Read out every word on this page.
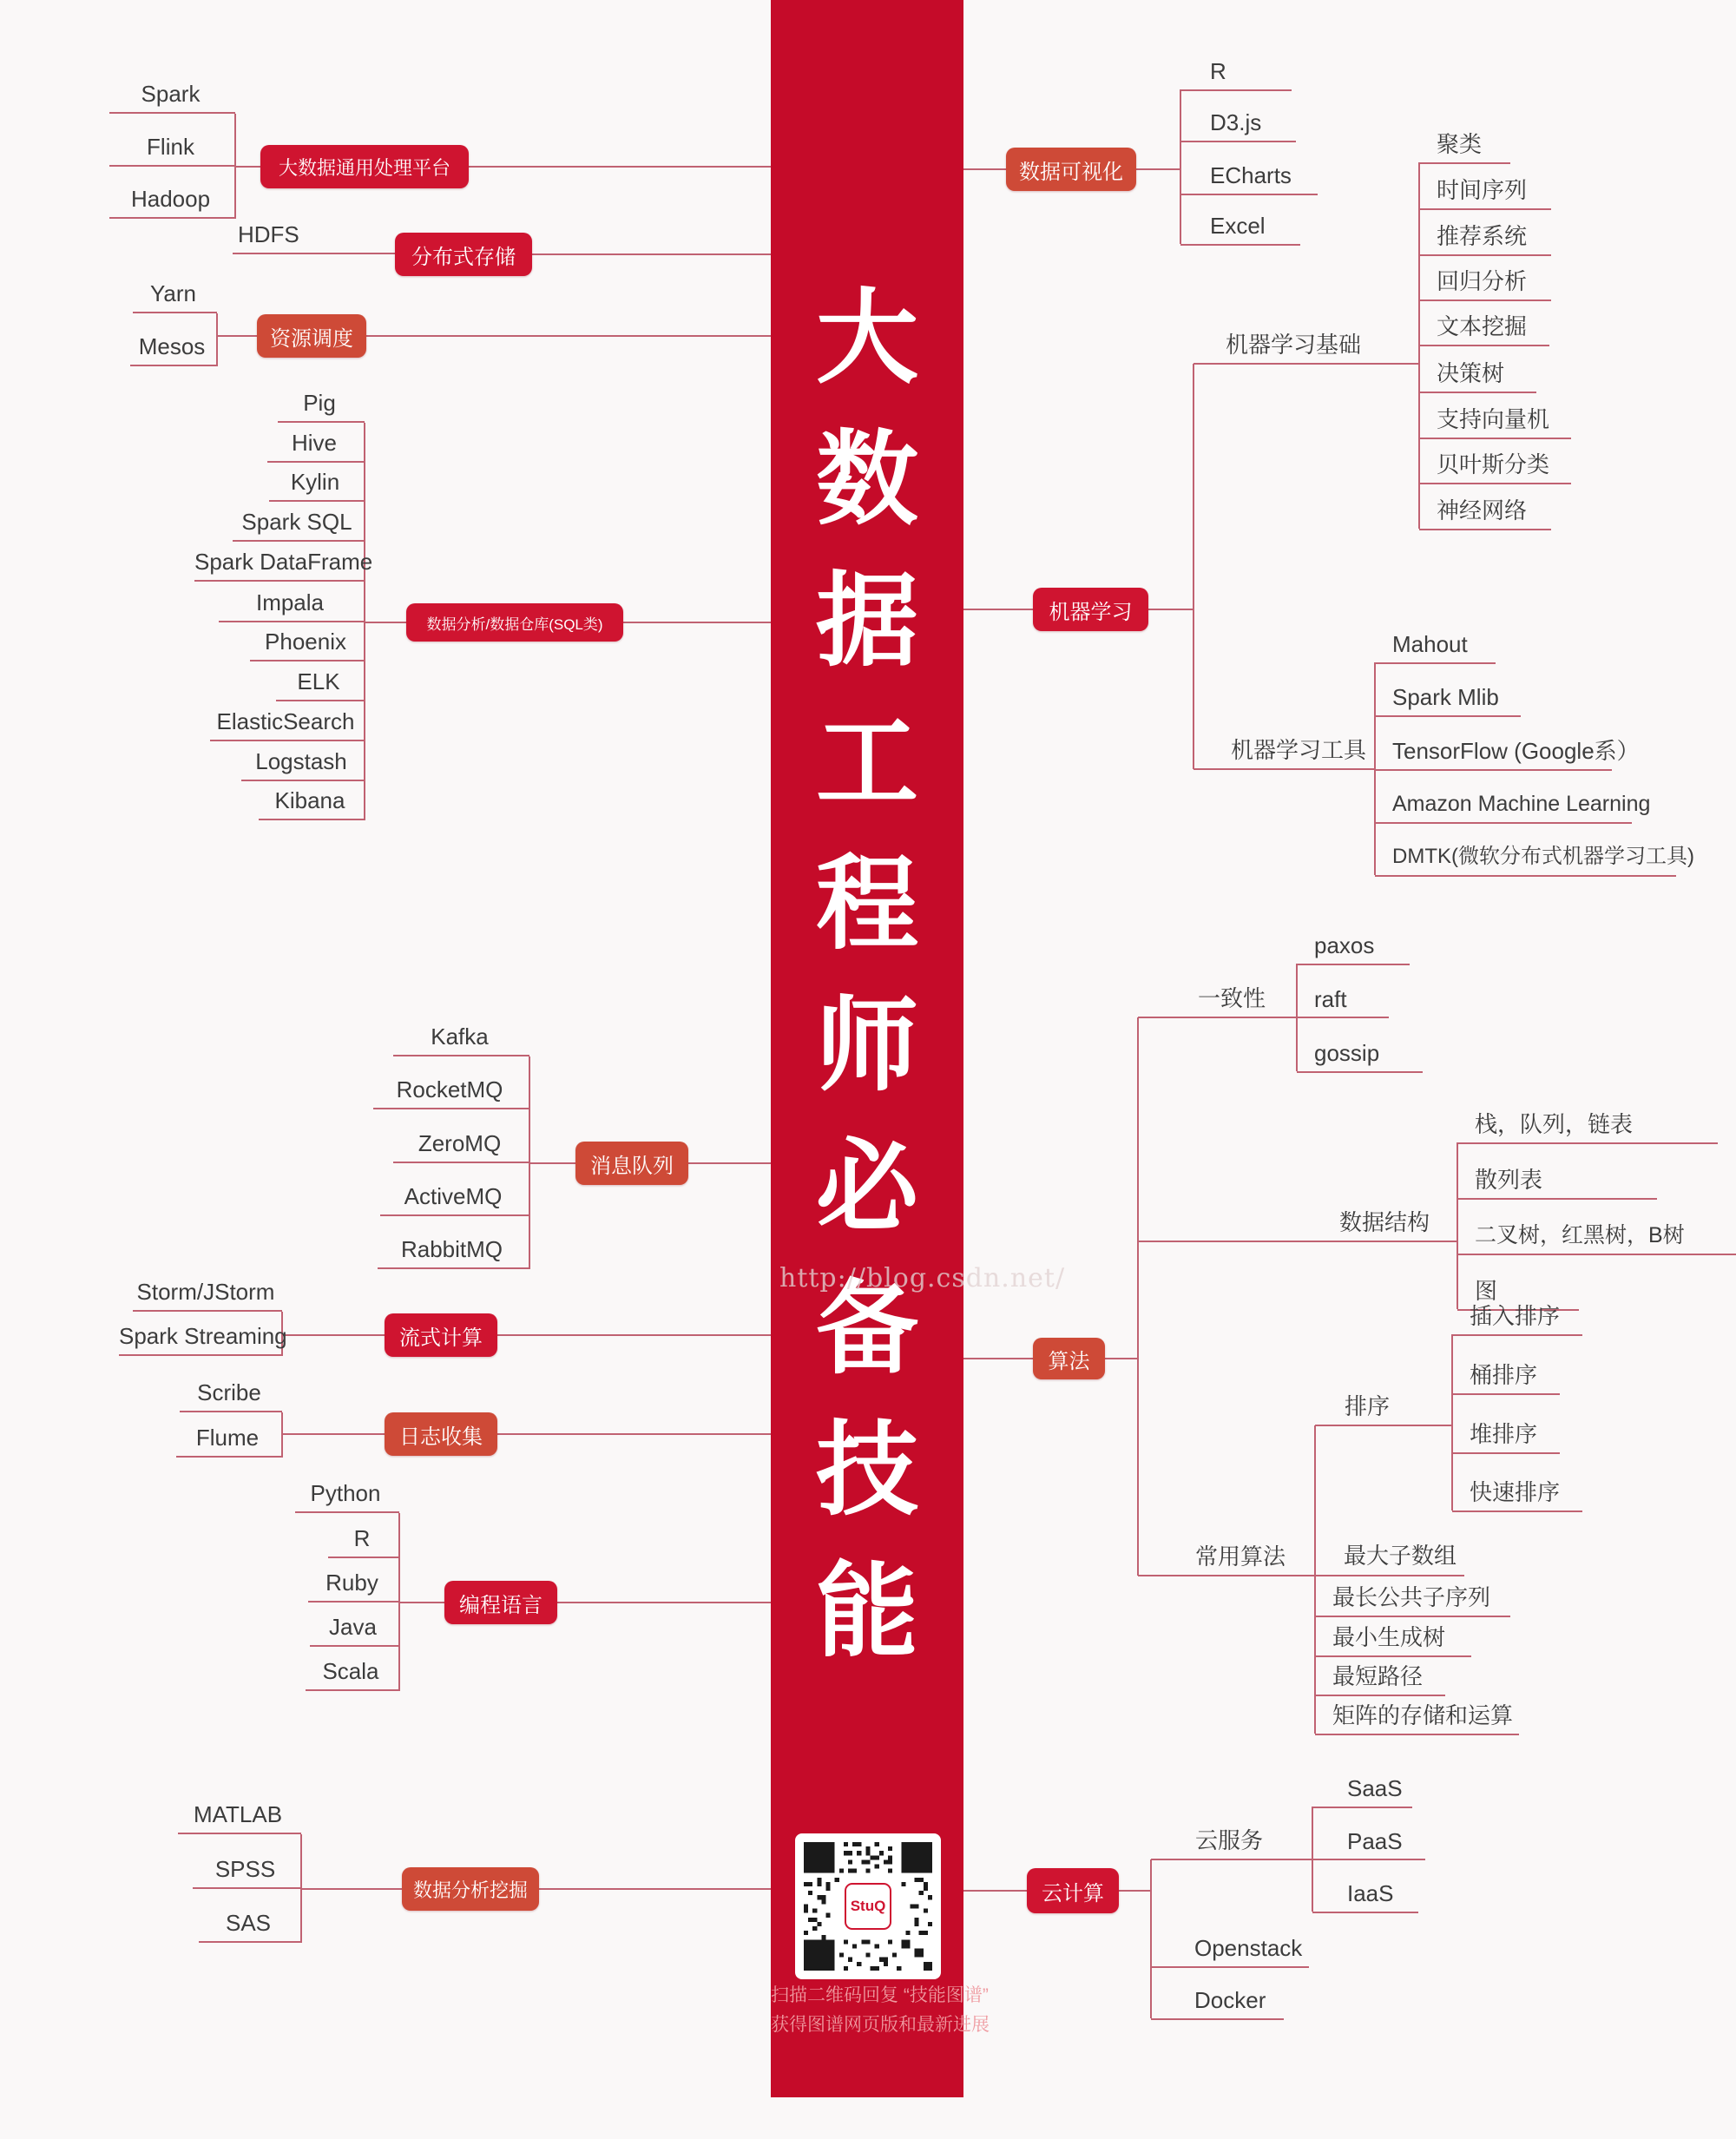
大
数
据
工
程
师
必
备
技
能
http://blog.csdn.net/
StuQ
扫描二维码回复 “技能图谱”
获得图谱网页版和最新进展
Spark
Flink
Hadoop
大数据通用处理平台
HDFS
分布式存储
Yarn
Mesos	资源调度
Pig
Hive
Kylin
Spark SQL
Spark DataFrame
Impala
Phoenix
ELK
ElasticSearch
Logstash
Kibana
数据分析/数据仓库(SQL类)
Kafka
RocketMQ
ZeroMQ
ActiveMQ
RabbitMQ
消息队列
Storm/JStorm
Spark Streaming	流式计算
Scribe
Flume	日志收集
Python
R
Ruby
Java
Scala
编程语言
MATLAB
SPSS
SAS
数据分析挖掘
数据可视化
R
D3.js
ECharts
Excel
机器学习
机器学习基础
聚类
时间序列
推荐系统
回归分析
文本挖掘
决策树
支持向量机
贝叶斯分类
神经网络
机器学习工具
Mahout
Spark Mlib
TensorFlow (Google系）
Amazon Machine Learning
DMTK(微软分布式机器学习工具)
算法
一致性
paxos
raft
gossip
数据结构
栈，队列，链表
散列表
二叉树，红黑树，B树
图
常用算法
排序
插入排序
桶排序
堆排序
快速排序
最大子数组
最长公共子序列
最小生成树
最短路径
矩阵的存储和运算
云计算
云服务
SaaS
PaaS
IaaS
Openstack
Docker
